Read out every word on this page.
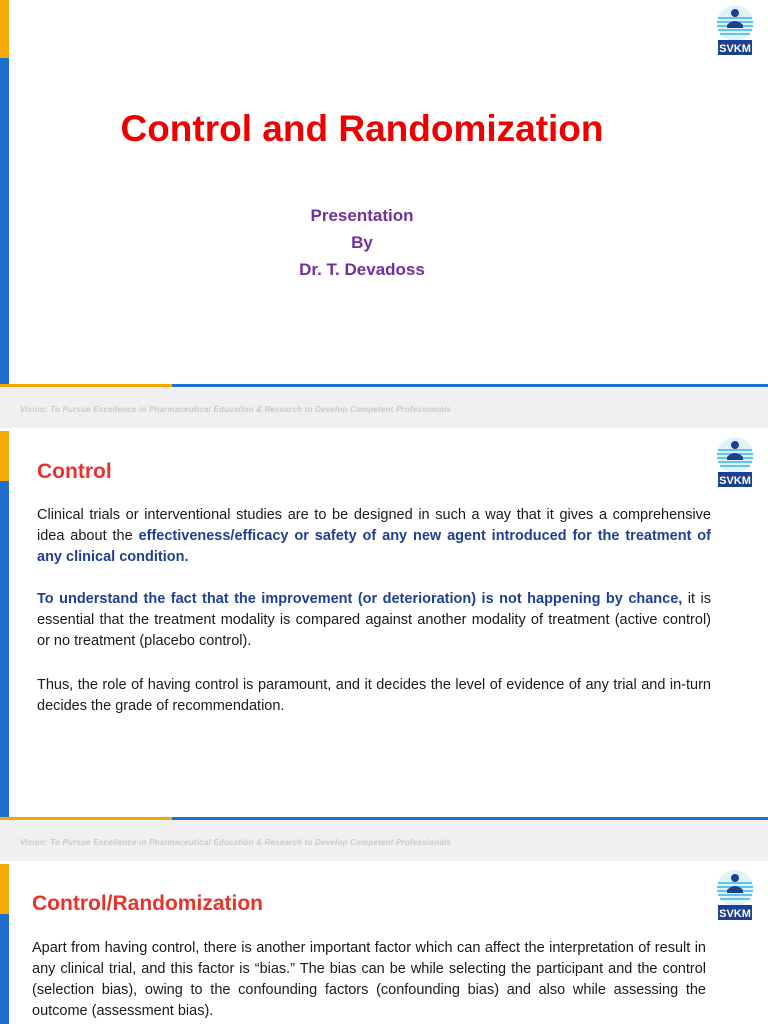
SVKM
Control and Randomization
Presentation
By
Dr. T. Devadoss
Vision: To Pursue Excellence in Pharmaceutical Education & Research to Develop Competent Professionals
SVKM
Control

Clinical trials or interventional studies are to be designed in such a way that it gives a comprehensive idea about the effectiveness/efficacy or safety of any new agent introduced for the treatment of any clinical condition.

To understand the fact that the improvement (or deterioration) is not happening by chance, it is essential that the treatment modality is compared against another modality of treatment (active control) or no treatment (placebo control).

Thus, the role of having control is paramount, and it decides the level of evidence of any trial and in-turn decides the grade of recommendation.

Vision: To Pursue Excellence in Pharmaceutical Education & Research to Develop Competent Professionals
SVKM
Control/Randomization

Apart from having control, there is another important factor which can affect the interpretation of result in any clinical trial, and this factor is “bias.” The bias can be while selecting the participant and the control (selection bias), owing to the confounding factors (confounding bias) and also while assessing the outcome (assessment bias).
